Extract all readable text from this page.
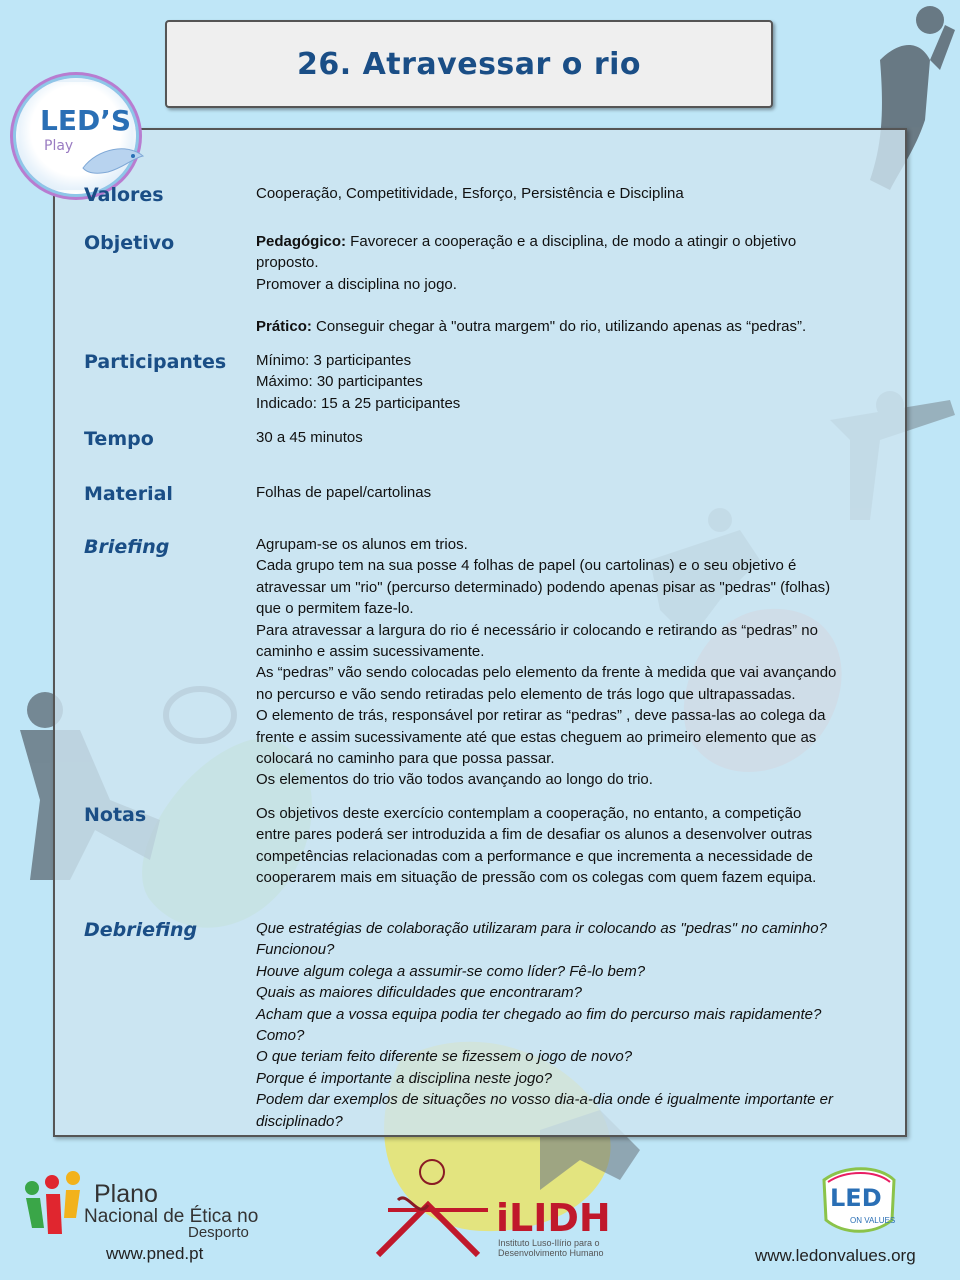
26. Atravessar o rio
LED’S
Play
Valores
Objetivo
Participantes
Tempo
Material
Briefing
Notas
Debriefing

Cooperação, Competitividade, Esforço, Persistência e Disciplina

Pedagógico: Favorecer a cooperação e a disciplina, de modo a atingir o objetivo

proposto.

Promover a disciplina no jogo.

Prático: Conseguir chegar à "outra margem" do rio, utilizando apenas as “pedras”.

Mínimo: 3 participantes

Máximo: 30 participantes

Indicado: 15 a 25 participantes

30 a 45 minutos

Folhas de papel/cartolinas

Agrupam-se os alunos em trios.

Cada grupo tem na sua posse 4 folhas de papel (ou cartolinas) e o seu objetivo é

atravessar um "rio" (percurso determinado) podendo apenas pisar as "pedras" (folhas)

que o permitem faze-lo.

Para atravessar a largura do rio é necessário ir colocando e retirando as “pedras” no

caminho e assim sucessivamente.

As “pedras” vão sendo colocadas pelo elemento da frente à medida que vai avançando

no percurso e vão sendo retiradas pelo elemento de trás logo que ultrapassadas.

O elemento de trás, responsável por retirar as “pedras” , deve passa-las ao colega da

frente e assim sucessivamente até que estas cheguem ao primeiro elemento que as

colocará no caminho para que possa passar.

Os elementos do trio vão todos avançando ao longo do trio.

Os objetivos deste exercício contemplam a cooperação, no entanto, a competição

entre pares poderá ser introduzida a fim de desafiar os alunos a desenvolver outras

competências relacionadas com a performance e que incrementa a necessidade de

cooperarem mais em situação de pressão com os colegas com quem fazem equipa.

Que estratégias de colaboração utilizaram para ir colocando as "pedras" no caminho?

Funcionou?

Houve algum colega a assumir-se como líder? Fê-lo bem?

Quais as maiores dificuldades que encontraram?

Acham que a vossa equipa podia ter chegado ao fim do percurso mais rapidamente?

Como?

O que teriam feito diferente se fizessem o jogo de novo?

Porque é importante a disciplina neste jogo?

Podem dar exemplos de situações no vosso dia-a-dia onde é igualmente importante er

disciplinado?

Plano
Nacional de Ética no
Desporto
www.pned.pt
iLIDH
Instituto Luso-Ilírio para o Desenvolvimento Humano
LED
ON VALUES
www.ledonvalues.org
